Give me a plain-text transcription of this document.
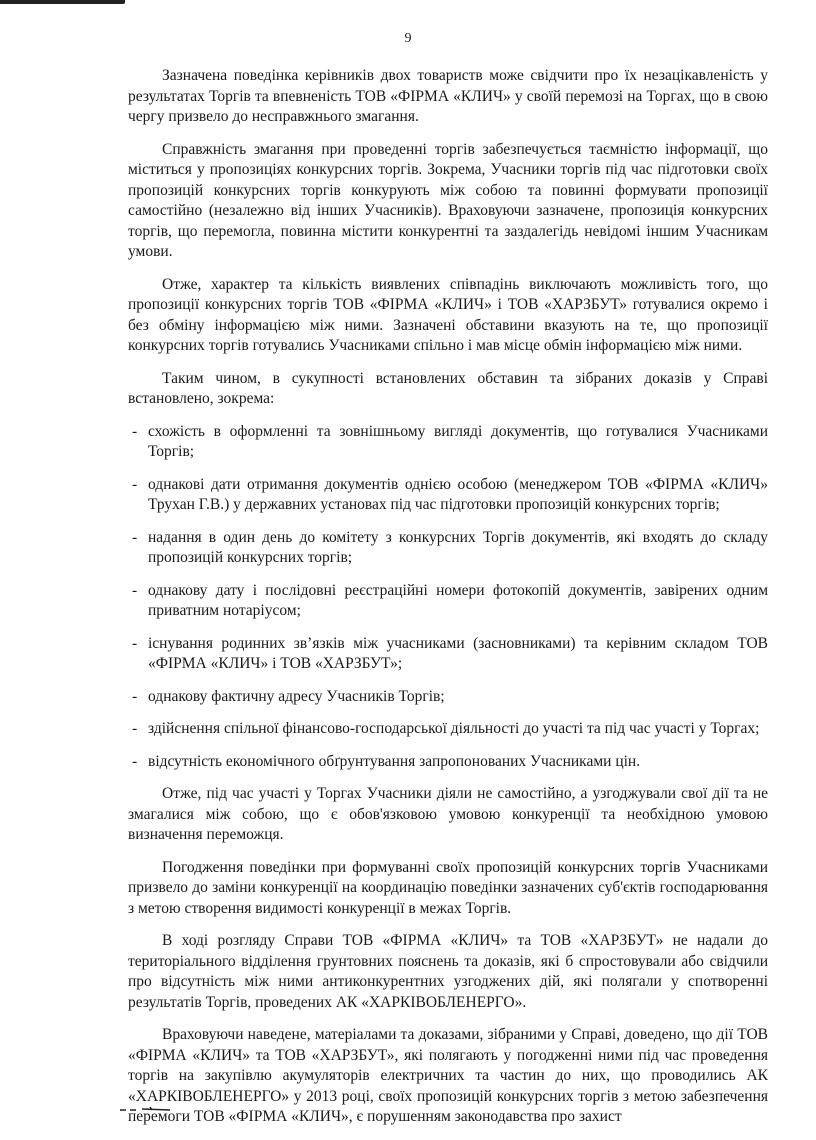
9

Зазначена поведінка керівників двох товариств може свідчити про їх незацікавленість у результатах Торгів та впевненість ТОВ «ФІРМА «КЛИЧ» у своїй перемозі на Торгах, що в свою чергу призвело до несправжнього змагання.

Справжність змагання при проведенні торгів забезпечується таємністю інформації, що міститься у пропозиціях конкурсних торгів. Зокрема, Учасники торгів під час підготовки своїх пропозицій конкурсних торгів конкурують між собою та повинні формувати пропозиції самостійно (незалежно від інших Учасників). Враховуючи зазначене, пропозиція конкурсних торгів, що перемогла, повинна містити конкурентні та заздалегідь невідомі іншим Учасникам умови.

Отже, характер та кількість виявлених співпадінь виключають можливість того, що пропозиції конкурсних торгів ТОВ «ФІРМА «КЛИЧ» і ТОВ «ХАРЗБУТ» готувалися окремо і без обміну інформацією між ними. Зазначені обставини вказують на те, що пропозиції конкурсних торгів готувались Учасниками спільно і мав місце обмін інформацією між ними.

Таким чином, в сукупності встановлених обставин та зібраних доказів у Справі встановлено, зокрема:

- схожість в оформленні та зовнішньому вигляді документів, що готувалися Учасниками Торгів;
- однакові дати отримання документів однією особою (менеджером ТОВ «ФІРМА «КЛИЧ» Трухан Г.В.) у державних установах під час підготовки пропозицій конкурсних торгів;
- надання в один день до комітету з конкурсних Торгів документів, які входять до складу пропозицій конкурсних торгів;
- однакову дату і послідовні реєстраційні номери фотокопій документів, завірених одним приватним нотаріусом;
- існування родинних зв’язків між учасниками (засновниками) та керівним складом ТОВ «ФІРМА «КЛИЧ» і ТОВ «ХАРЗБУТ»;
- однакову фактичну адресу Учасників Торгів;
- здійснення спільної фінансово-господарської діяльності до участі та під час участі у Торгах;
- відсутність економічного обґрунтування запропонованих Учасниками цін.

Отже, під час участі у Торгах Учасники діяли не самостійно, а узгоджували свої дії та не змагалися між собою, що є обов'язковою умовою конкуренції та необхідною умовою визначення переможця.

Погодження поведінки при формуванні своїх пропозицій конкурсних торгів Учасниками призвело до заміни конкуренції на координацію поведінки зазначених суб'єктів господарювання з метою створення видимості конкуренції в межах Торгів.

В ході розгляду Справи ТОВ «ФІРМА «КЛИЧ» та ТОВ «ХАРЗБУТ» не надали до територіального відділення грунтовних пояснень та доказів, які б спростовували або свідчили про відсутність між ними антиконкурентних узгоджених дій, які полягали у спотворенні результатів Торгів, проведених АК «ХАРКІВОБЛЕНЕРГО».

Враховуючи наведене, матеріалами та доказами, зібраними у Справі, доведено, що дії ТОВ «ФІРМА «КЛИЧ» та ТОВ «ХАРЗБУТ», які полягають у погодженні ними під час проведення торгів на закупівлю акумуляторів електричних та частин до них, що проводились АК «ХАРКІВОБЛЕНЕРГО» у 2013 році, своїх пропозицій конкурсних торгів з метою забезпечення перемоги ТОВ «ФІРМА «КЛИЧ», є порушенням законодавства про захист
